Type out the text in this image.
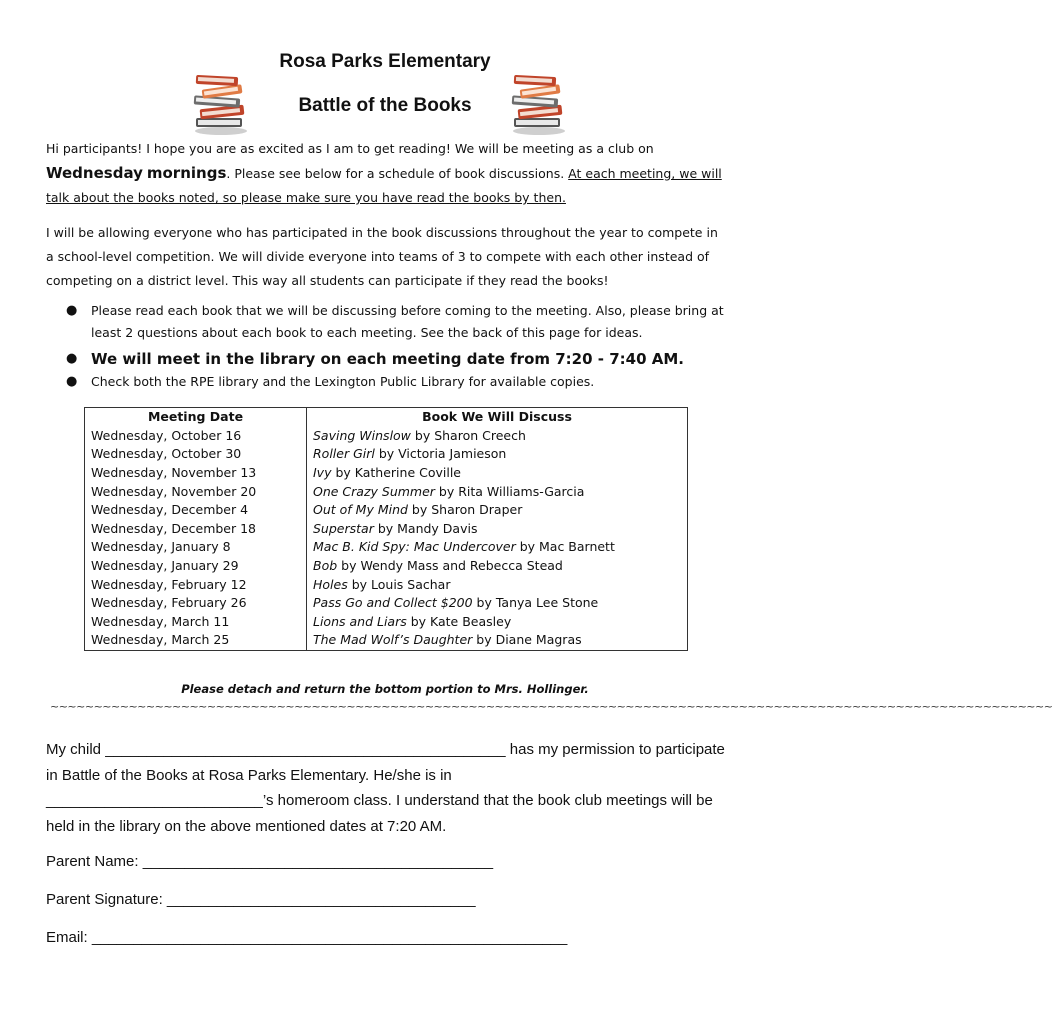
Rosa Parks Elementary
Battle of the Books
Hi participants! I hope you are as excited as I am to get reading! We will be meeting as a club on Wednesday mornings. Please see below for a schedule of book discussions. At each meeting, we will talk about the books noted, so please make sure you have read the books by then.
I will be allowing everyone who has participated in the book discussions throughout the year to compete in a school-level competition. We will divide everyone into teams of 3 to compete with each other instead of competing on a district level. This way all students can participate if they read the books!
● Please read each book that we will be discussing before coming to the meeting. Also, please bring at least 2 questions about each book to each meeting. See the back of this page for ideas.
● We will meet in the library on each meeting date from 7:20 - 7:40 AM.
● Check both the RPE library and the Lexington Public Library for available copies.
Meeting Date	Book We Will Discuss
Wednesday, October 16	Saving Winslow by Sharon Creech
Wednesday, October 30	Roller Girl by Victoria Jamieson
Wednesday, November 13	Ivy by Katherine Coville
Wednesday, November 20	One Crazy Summer by Rita Williams-Garcia
Wednesday, December 4	Out of My Mind by Sharon Draper
Wednesday, December 18	Superstar by Mandy Davis
Wednesday, January 8	Mac B. Kid Spy: Mac Undercover by Mac Barnett
Wednesday, January 29	Bob by Wendy Mass and Rebecca Stead
Wednesday, February 12	Holes by Louis Sachar
Wednesday, February 26	Pass Go and Collect $200 by Tanya Lee Stone
Wednesday, March 11	Lions and Liars by Kate Beasley
Wednesday, March 25	The Mad Wolf’s Daughter by Diane Magras
Please detach and return the bottom portion to Mrs. Hollinger.
~~~~~~~~~~~~~~~~~~~~~~~~~~~~~~~~~~~~~~~~~~~~~~~~~~~~~~~~~~~~~~~~~~~~~~~~~~~~~~~~~~~~~~~~~~~~~~~~~~~~~~~~~~~~~~~~~~~
My child ________________________________________________ has my permission to participate in Battle of the Books at Rosa Parks Elementary. He/she is in
__________________________’s homeroom class. I understand that the book club meetings will be held in the library on the above mentioned dates at 7:20 AM.
Parent Name: __________________________________________
Parent Signature: _____________________________________
Email: _________________________________________________________
